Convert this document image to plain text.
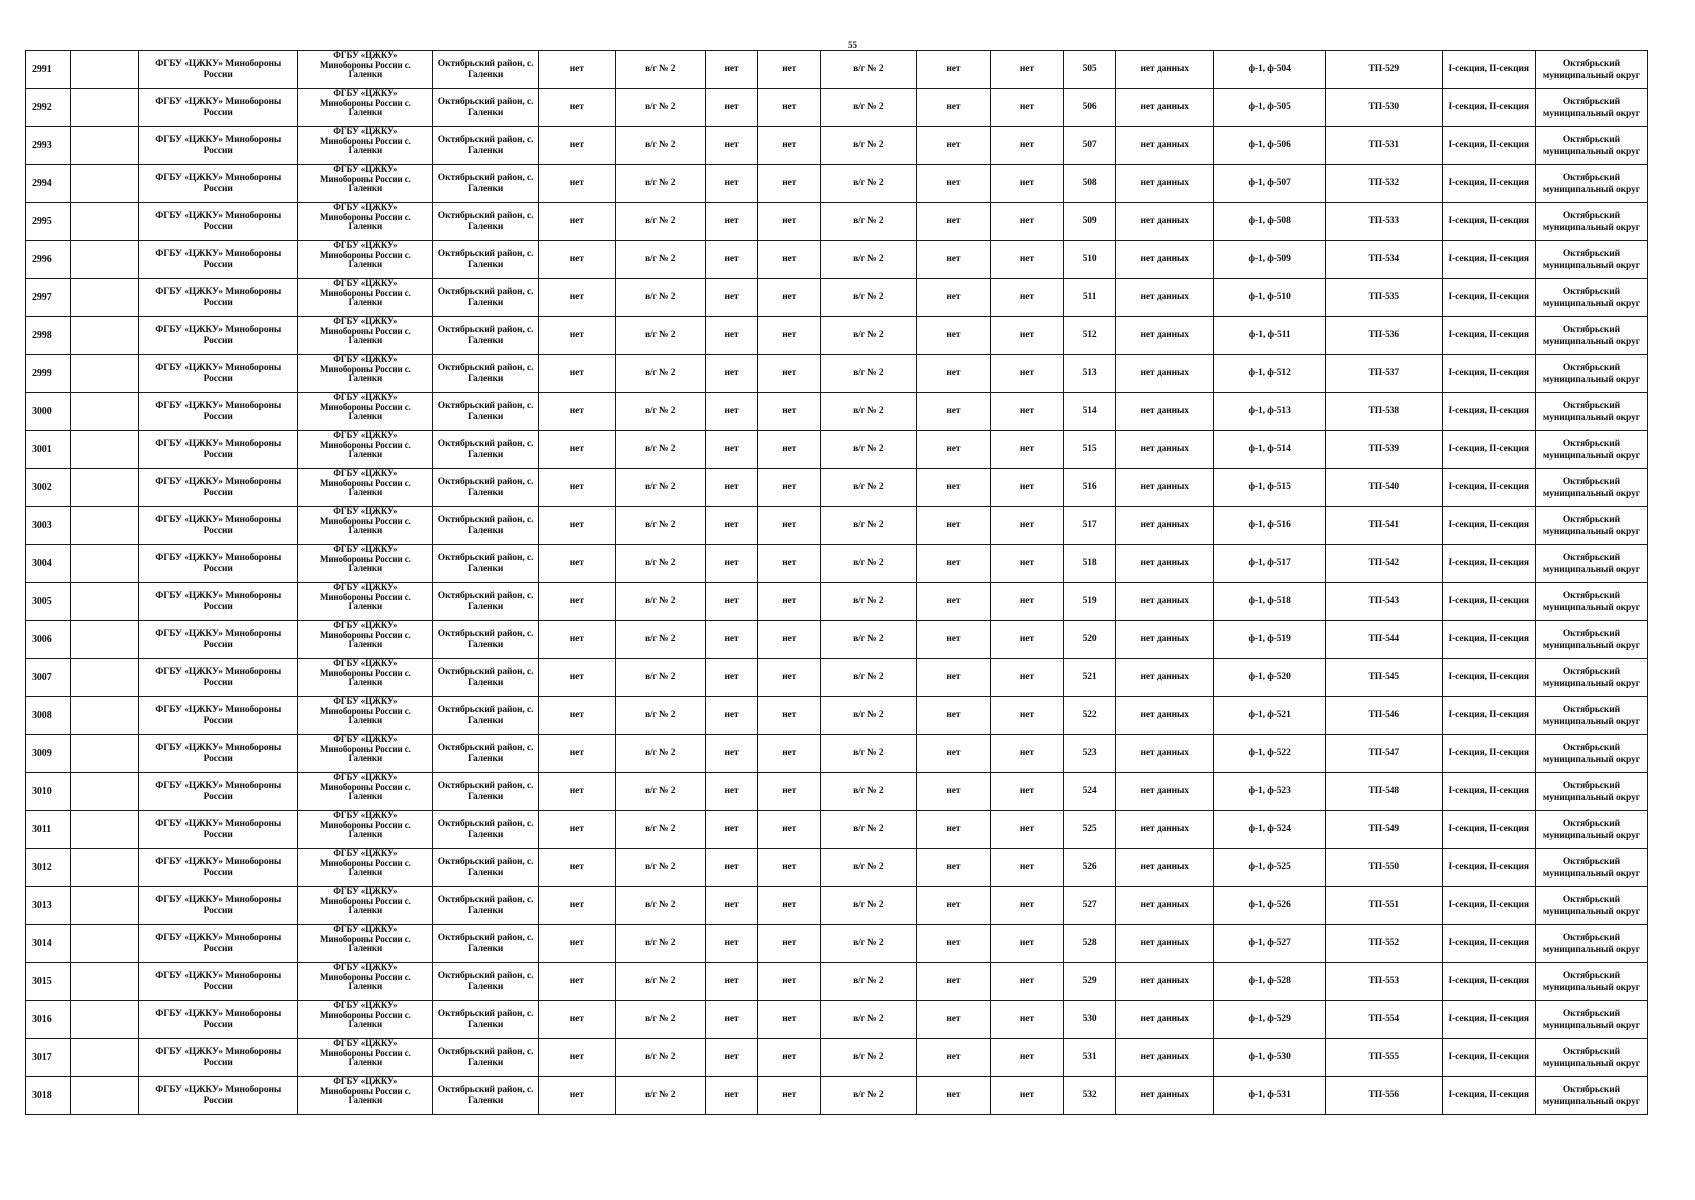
55
2991		ФГБУ «ЦЖКУ» Минобороны России	ФГБУ «ЦЖКУ»
Минобороны России с.
Галенки	Октябрьский район, с. Галенки	нет	в/г № 2	нет	нет	в/г № 2	нет	нет	505	нет данных	ф-1, ф-504	ТП-529	I-секция, II-секция	Октябрьский муниципальный округ
2992		ФГБУ «ЦЖКУ» Минобороны России	ФГБУ «ЦЖКУ»
Минобороны России с.
Галенки	Октябрьский район, с. Галенки	нет	в/г № 2	нет	нет	в/г № 2	нет	нет	506	нет данных	ф-1, ф-505	ТП-530	I-секция, II-секция	Октябрьский муниципальный округ
2993		ФГБУ «ЦЖКУ» Минобороны России	ФГБУ «ЦЖКУ»
Минобороны России с.
Галенки	Октябрьский район, с. Галенки	нет	в/г № 2	нет	нет	в/г № 2	нет	нет	507	нет данных	ф-1, ф-506	ТП-531	I-секция, II-секция	Октябрьский муниципальный округ
2994		ФГБУ «ЦЖКУ» Минобороны России	ФГБУ «ЦЖКУ»
Минобороны России с.
Галенки	Октябрьский район, с. Галенки	нет	в/г № 2	нет	нет	в/г № 2	нет	нет	508	нет данных	ф-1, ф-507	ТП-532	I-секция, II-секция	Октябрьский муниципальный округ
2995		ФГБУ «ЦЖКУ» Минобороны России	ФГБУ «ЦЖКУ»
Минобороны России с.
Галенки	Октябрьский район, с. Галенки	нет	в/г № 2	нет	нет	в/г № 2	нет	нет	509	нет данных	ф-1, ф-508	ТП-533	I-секция, II-секция	Октябрьский муниципальный округ
2996		ФГБУ «ЦЖКУ» Минобороны России	ФГБУ «ЦЖКУ»
Минобороны России с.
Галенки	Октябрьский район, с. Галенки	нет	в/г № 2	нет	нет	в/г № 2	нет	нет	510	нет данных	ф-1, ф-509	ТП-534	I-секция, II-секция	Октябрьский муниципальный округ
2997		ФГБУ «ЦЖКУ» Минобороны России	ФГБУ «ЦЖКУ»
Минобороны России с.
Галенки	Октябрьский район, с. Галенки	нет	в/г № 2	нет	нет	в/г № 2	нет	нет	511	нет данных	ф-1, ф-510	ТП-535	I-секция, II-секция	Октябрьский муниципальный округ
2998		ФГБУ «ЦЖКУ» Минобороны России	ФГБУ «ЦЖКУ»
Минобороны России с.
Галенки	Октябрьский район, с. Галенки	нет	в/г № 2	нет	нет	в/г № 2	нет	нет	512	нет данных	ф-1, ф-511	ТП-536	I-секция, II-секция	Октябрьский муниципальный округ
2999		ФГБУ «ЦЖКУ» Минобороны России	ФГБУ «ЦЖКУ»
Минобороны России с.
Галенки	Октябрьский район, с. Галенки	нет	в/г № 2	нет	нет	в/г № 2	нет	нет	513	нет данных	ф-1, ф-512	ТП-537	I-секция, II-секция	Октябрьский муниципальный округ
3000		ФГБУ «ЦЖКУ» Минобороны России	ФГБУ «ЦЖКУ»
Минобороны России с.
Галенки	Октябрьский район, с. Галенки	нет	в/г № 2	нет	нет	в/г № 2	нет	нет	514	нет данных	ф-1, ф-513	ТП-538	I-секция, II-секция	Октябрьский муниципальный округ
3001		ФГБУ «ЦЖКУ» Минобороны России	ФГБУ «ЦЖКУ»
Минобороны России с.
Галенки	Октябрьский район, с. Галенки	нет	в/г № 2	нет	нет	в/г № 2	нет	нет	515	нет данных	ф-1, ф-514	ТП-539	I-секция, II-секция	Октябрьский муниципальный округ
3002		ФГБУ «ЦЖКУ» Минобороны России	ФГБУ «ЦЖКУ»
Минобороны России с.
Галенки	Октябрьский район, с. Галенки	нет	в/г № 2	нет	нет	в/г № 2	нет	нет	516	нет данных	ф-1, ф-515	ТП-540	I-секция, II-секция	Октябрьский муниципальный округ
3003		ФГБУ «ЦЖКУ» Минобороны России	ФГБУ «ЦЖКУ»
Минобороны России с.
Галенки	Октябрьский район, с. Галенки	нет	в/г № 2	нет	нет	в/г № 2	нет	нет	517	нет данных	ф-1, ф-516	ТП-541	I-секция, II-секция	Октябрьский муниципальный округ
3004		ФГБУ «ЦЖКУ» Минобороны России	ФГБУ «ЦЖКУ»
Минобороны России с.
Галенки	Октябрьский район, с. Галенки	нет	в/г № 2	нет	нет	в/г № 2	нет	нет	518	нет данных	ф-1, ф-517	ТП-542	I-секция, II-секция	Октябрьский муниципальный округ
3005		ФГБУ «ЦЖКУ» Минобороны России	ФГБУ «ЦЖКУ»
Минобороны России с.
Галенки	Октябрьский район, с. Галенки	нет	в/г № 2	нет	нет	в/г № 2	нет	нет	519	нет данных	ф-1, ф-518	ТП-543	I-секция, II-секция	Октябрьский муниципальный округ
3006		ФГБУ «ЦЖКУ» Минобороны России	ФГБУ «ЦЖКУ»
Минобороны России с.
Галенки	Октябрьский район, с. Галенки	нет	в/г № 2	нет	нет	в/г № 2	нет	нет	520	нет данных	ф-1, ф-519	ТП-544	I-секция, II-секция	Октябрьский муниципальный округ
3007		ФГБУ «ЦЖКУ» Минобороны России	ФГБУ «ЦЖКУ»
Минобороны России с.
Галенки	Октябрьский район, с. Галенки	нет	в/г № 2	нет	нет	в/г № 2	нет	нет	521	нет данных	ф-1, ф-520	ТП-545	I-секция, II-секция	Октябрьский муниципальный округ
3008		ФГБУ «ЦЖКУ» Минобороны России	ФГБУ «ЦЖКУ»
Минобороны России с.
Галенки	Октябрьский район, с. Галенки	нет	в/г № 2	нет	нет	в/г № 2	нет	нет	522	нет данных	ф-1, ф-521	ТП-546	I-секция, II-секция	Октябрьский муниципальный округ
3009		ФГБУ «ЦЖКУ» Минобороны России	ФГБУ «ЦЖКУ»
Минобороны России с.
Галенки	Октябрьский район, с. Галенки	нет	в/г № 2	нет	нет	в/г № 2	нет	нет	523	нет данных	ф-1, ф-522	ТП-547	I-секция, II-секция	Октябрьский муниципальный округ
3010		ФГБУ «ЦЖКУ» Минобороны России	ФГБУ «ЦЖКУ»
Минобороны России с.
Галенки	Октябрьский район, с. Галенки	нет	в/г № 2	нет	нет	в/г № 2	нет	нет	524	нет данных	ф-1, ф-523	ТП-548	I-секция, II-секция	Октябрьский муниципальный округ
3011		ФГБУ «ЦЖКУ» Минобороны России	ФГБУ «ЦЖКУ»
Минобороны России с.
Галенки	Октябрьский район, с. Галенки	нет	в/г № 2	нет	нет	в/г № 2	нет	нет	525	нет данных	ф-1, ф-524	ТП-549	I-секция, II-секция	Октябрьский муниципальный округ
3012		ФГБУ «ЦЖКУ» Минобороны России	ФГБУ «ЦЖКУ»
Минобороны России с.
Галенки	Октябрьский район, с. Галенки	нет	в/г № 2	нет	нет	в/г № 2	нет	нет	526	нет данных	ф-1, ф-525	ТП-550	I-секция, II-секция	Октябрьский муниципальный округ
3013		ФГБУ «ЦЖКУ» Минобороны России	ФГБУ «ЦЖКУ»
Минобороны России с.
Галенки	Октябрьский район, с. Галенки	нет	в/г № 2	нет	нет	в/г № 2	нет	нет	527	нет данных	ф-1, ф-526	ТП-551	I-секция, II-секция	Октябрьский муниципальный округ
3014		ФГБУ «ЦЖКУ» Минобороны России	ФГБУ «ЦЖКУ»
Минобороны России с.
Галенки	Октябрьский район, с. Галенки	нет	в/г № 2	нет	нет	в/г № 2	нет	нет	528	нет данных	ф-1, ф-527	ТП-552	I-секция, II-секция	Октябрьский муниципальный округ
3015		ФГБУ «ЦЖКУ» Минобороны России	ФГБУ «ЦЖКУ»
Минобороны России с.
Галенки	Октябрьский район, с. Галенки	нет	в/г № 2	нет	нет	в/г № 2	нет	нет	529	нет данных	ф-1, ф-528	ТП-553	I-секция, II-секция	Октябрьский муниципальный округ
3016		ФГБУ «ЦЖКУ» Минобороны России	ФГБУ «ЦЖКУ»
Минобороны России с.
Галенки	Октябрьский район, с. Галенки	нет	в/г № 2	нет	нет	в/г № 2	нет	нет	530	нет данных	ф-1, ф-529	ТП-554	I-секция, II-секция	Октябрьский муниципальный округ
3017		ФГБУ «ЦЖКУ» Минобороны России	ФГБУ «ЦЖКУ»
Минобороны России с.
Галенки	Октябрьский район, с. Галенки	нет	в/г № 2	нет	нет	в/г № 2	нет	нет	531	нет данных	ф-1, ф-530	ТП-555	I-секция, II-секция	Октябрьский муниципальный округ
3018		ФГБУ «ЦЖКУ» Минобороны России	ФГБУ «ЦЖКУ»
Минобороны России с.
Галенки	Октябрьский район, с. Галенки	нет	в/г № 2	нет	нет	в/г № 2	нет	нет	532	нет данных	ф-1, ф-531	ТП-556	I-секция, II-секция	Октябрьский муниципальный округ
